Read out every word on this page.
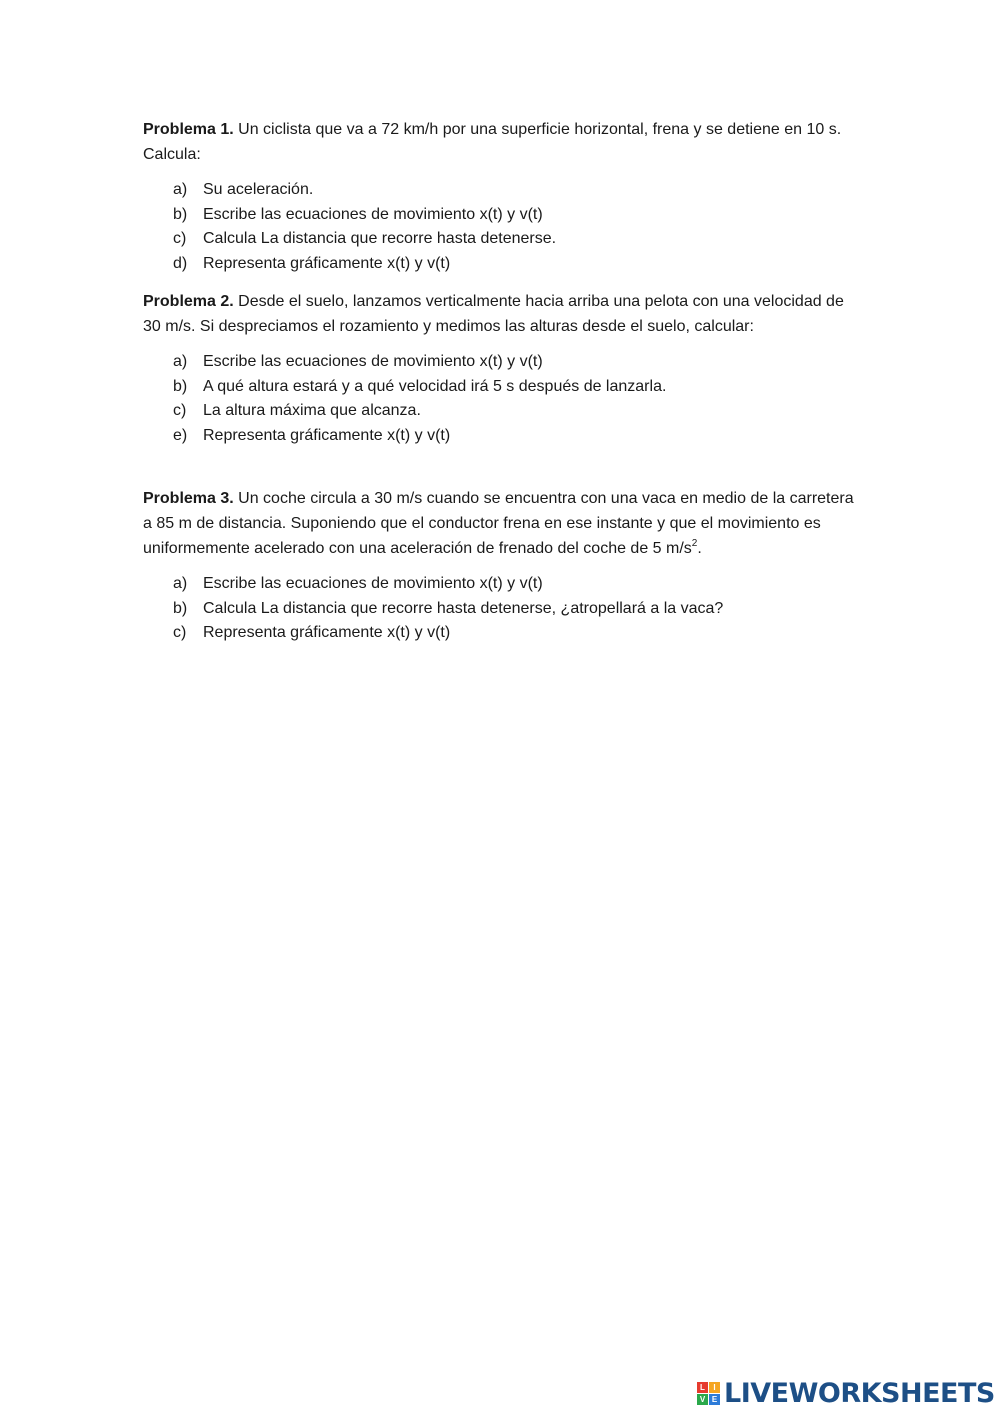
Problema 1. Un ciclista que va a 72 km/h por una superficie horizontal, frena y se detiene en 10 s. Calcula:

a) Su aceleración.
b) Escribe las ecuaciones de movimiento x(t) y v(t)
c)	Calcula La distancia que recorre hasta detenerse.
d) Representa gráficamente x(t) y v(t)

Problema 2. Desde el suelo, lanzamos verticalmente hacia arriba una pelota con una velocidad de 30 m/s. Si despreciamos el rozamiento y medimos las alturas desde el suelo, calcular:

a) Escribe las ecuaciones de movimiento x(t) y v(t)
b) A qué altura estará y a qué velocidad irá 5 s después de lanzarla.
c)	La altura máxima que alcanza.
e) Representa gráficamente x(t) y v(t)

Problema 3. Un coche circula a 30 m/s cuando se encuentra con una vaca en medio de la carretera a 85 m de distancia. Suponiendo que el conductor frena en ese instante y que el movimiento es uniformemente acelerado con una aceleración de frenado del coche de 5 $m/s^2$.

a) Escribe las ecuaciones de movimiento x(t) y v(t)
b) Calcula La distancia que recorre hasta detenerse, ¿atropellará a la vaca?
c)	Representa gráficamente x(t) y v(t)
L	I
V E LIVEWORKSHEETS
